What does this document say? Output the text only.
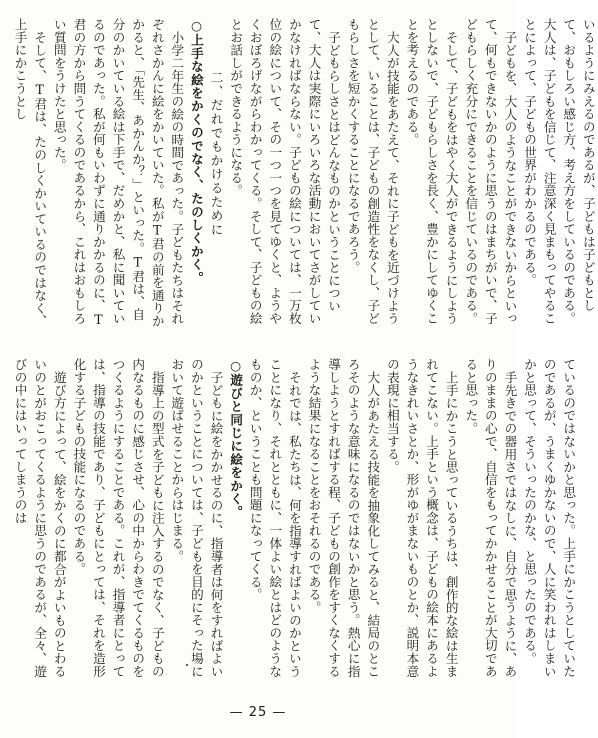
いるようにみえるのであるが、子どもは子どもとして、おもしろい感じ方、考え方をしているのである。大人は、子どもを信じて、注意深く見まもってやることによって、子どもの世界がわかるのである。

子どもを、大人のようなことができないからといって、何もできないかのように思うのはまちがいで、子どもらしく充分にできることを信じているのである。

そして、子どもをはやく大人ができるようにしようとしないで、子どもらしさを長く、豊かにしてゆくことを考えるのである。

大人が技能をあたえて、それに子どもを近づけようとして、いることは、子どもの創造性をなくし、子どもらしさを短かくすることになるであろう。

子どもらしさとはどんなものかということについて、大人は実際にいろいろな活動においてさがしていかなければならない。子どもの絵については、一万枚位の絵について、その一つ一つを見てゆくと、ようやくおぼろげながらわかってくる。そして、子どもの絵とお話しができるようになる。

二、だれでもかけるために

○上手な絵をかくのでなく、たのしくかく。

小学二年生の絵の時間であった。子どもたちはそれぞれさかんに絵をかいていた。私がT君の前を通りかかると、「先生、あかんか？」といった。T君は、自分のかいている絵は下手で、だめかと、私に聞いているのであった。私が何もいわずに通りかかるのに、T君の方から問うてくるのであるから、これはおもしろい質問をうけたと思った。

そして、T君は、たのしくかいているのではなく、上手にかこうとし

ているのではないかと思った。上手にかこうとしていたのであるが、うまくゆかないので、人に笑われはしまいかと思って、そういったのかな、と思ったのである。

手先きでの器用さではなしに、自分で思うように、ありのままの心で、自信をもってかかせることが大切であると思った。

上手にかこうと思っているうちは、創作的な絵は生まれてこない。上手という概念は、子どもの絵本にあるようなきれいさとか、形がゆがまないものとか、説明本意の表現に相当する。

大人があたえる技能を抽象化してみると、結局のところそのような意味になるのではないかと思う。熱心に指導しようとすればする程、子どもの創作をすくなくするような結果になることをおそれるのである。

それでは、私たちは、何を指導すればよいのかということになり、それとともに、一体よい絵とはどのようなものか、ということも問題になってくる。

○遊びと同じに絵をかく。

子どもに絵をかかせるのに、指導者は何をすればよいのかということについては、子どもを目的にそった場において遊ばせることからはじまる。

指導上の型式を子どもに注入するのでなく、子どもの内なるものに感じさせ、心の中からわきでてくるものをつくるようにすることである。これが、指導者にとっては、指導の技能であり、子どもにとっては、それを造形化する子どもの技能になるのである。

遊び方によって、絵をかくのに都合がよいものとわるいのとがおこってくるように思うのであるが、全々、遊びの中にはいってしまうのは

— 25 —
